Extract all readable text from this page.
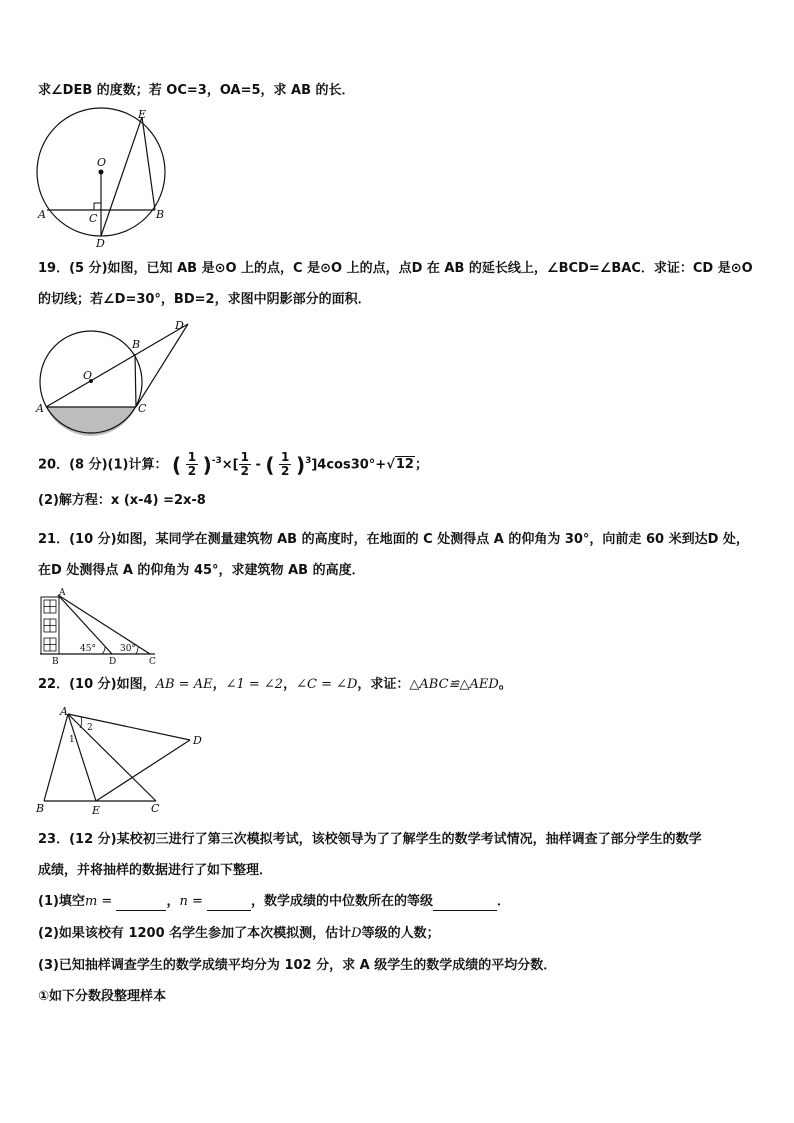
求∠DEB 的度数；若 OC=3，OA=5，求 AB 的长．
E
O
A	B
C
D
19．(5 分)如图，已知 AB 是⊙O 上的点，C 是⊙O 上的点，点D 在 AB 的延长线上，∠BCD=∠BAC．求证：CD 是⊙O
的切线；若∠D=30°，BD=2，求图中阴影部分的面积．
D
B
O
A	C
20．(8 分)(1)计算： ( $\frac{1}{2} )^{-3}\times[ \frac{1}{2}$ - ( $\frac{1}{2} )^3]4\cos 30^\circ+√12$；
(2)解方程：x (x-4) =2x-8
21．(10 分)如图，某同学在测量建筑物 AB 的高度时，在地面的 C 处测得点 A 的仰角为 30°，向前走 60 米到达D 处，
在D 处测得点 A 的仰角为 45°，求建筑物 AB 的高度．
A
B	D	C
45°	30°
22．(10 分)如图，AB = AE，∠1 = ∠2，∠C = ∠D，求证：△ABC≌△AED。
A
B	E	C
D
1
2
23．(12 分)某校初三进行了第三次模拟考试，该校领导为了了解学生的数学考试情况，抽样调查了部分学生的数学
成绩，并将抽样的数据进行了如下整理．
(1)填空m =	，n =	，数学成绩的中位数所在的等级	．
(2)如果该校有 1200 名学生参加了本次模拟测，估计D等级的人数；
(3)已知抽样调查学生的数学成绩平均分为 102 分，求 A 级学生的数学成绩的平均分数．
①如下分数段整理样本
